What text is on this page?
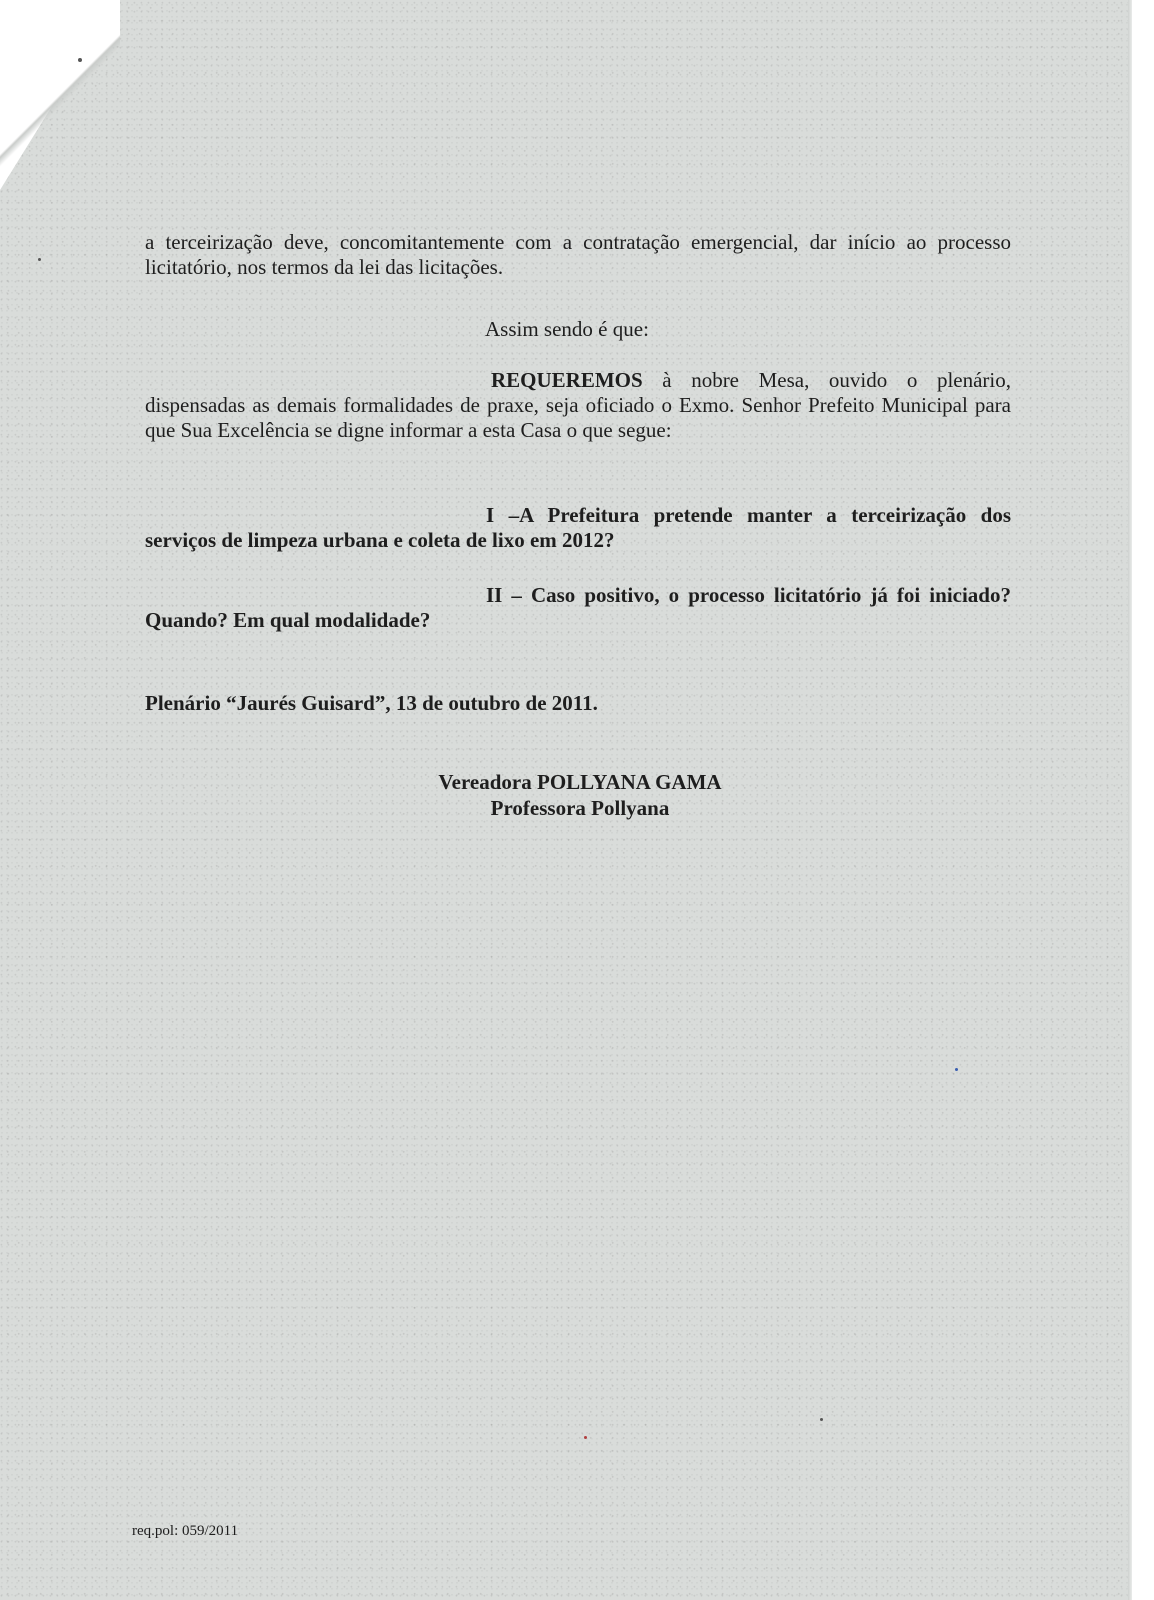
a terceirização deve, concomitantemente com a contratação emergencial, dar início ao processo licitatório, nos termos da lei das licitações.
Assim sendo é que:
REQUEREMOS à nobre Mesa, ouvido o plenário, dispensadas as demais formalidades de praxe, seja oficiado o Exmo. Senhor Prefeito Municipal para que Sua Excelência se digne informar a esta Casa o que segue:
I –A Prefeitura pretende manter a terceirização dos serviços de limpeza urbana e coleta de lixo em 2012?
II – Caso positivo, o processo licitatório já foi iniciado? Quando? Em qual modalidade?
Plenário “Jaurés Guisard”, 13 de outubro de 2011.
Vereadora POLLYANA GAMA
Professora Pollyana
req.pol: 059/2011
